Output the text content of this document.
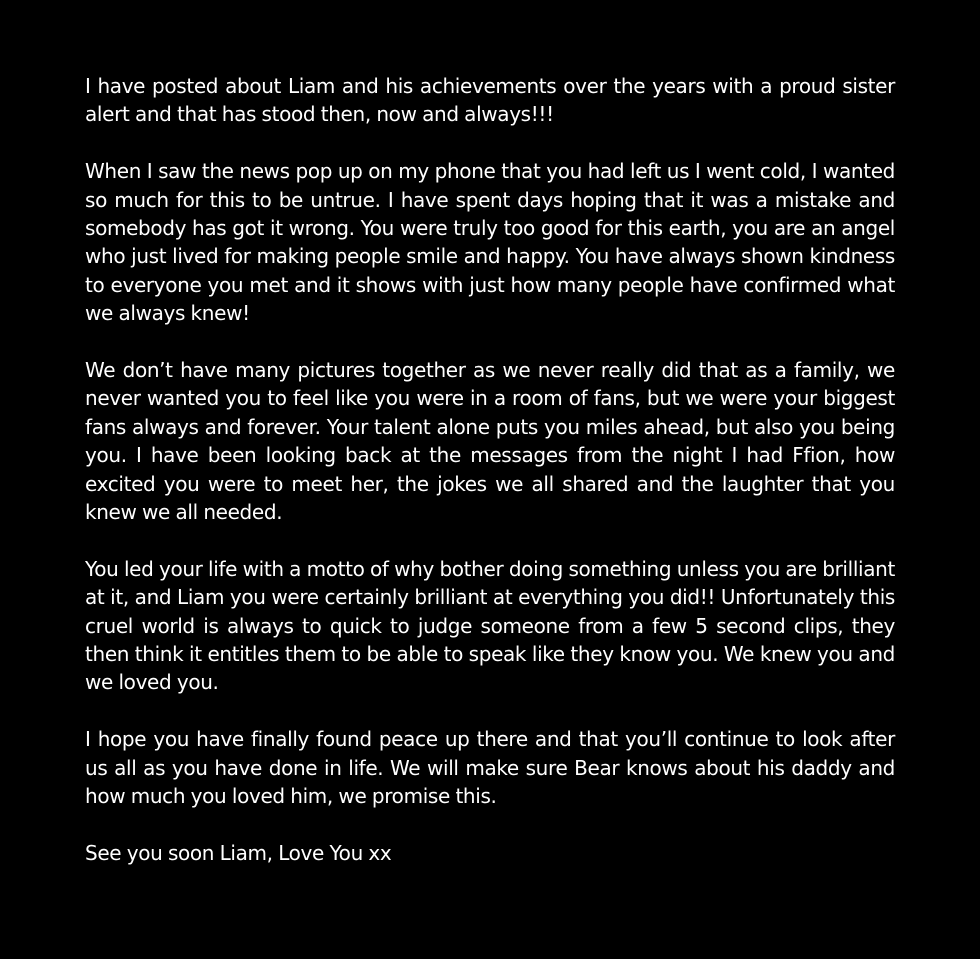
I have posted about Liam and his achievements over the years with a proud sister alert and that has stood then, now and always!!!

When I saw the news pop up on my phone that you had left us I went cold, I wanted so much for this to be untrue. I have spent days hoping that it was a mistake and somebody has got it wrong. You were truly too good for this earth, you are an angel who just lived for making people smile and happy. You have always shown kindness to everyone you met and it shows with just how many people have confirmed what we always knew!

We don’t have many pictures together as we never really did that as a family, we never wanted you to feel like you were in a room of fans, but we were your biggest fans always and forever. Your talent alone puts you miles ahead, but also you being you. I have been looking back at the messages from the night I had Ffion, how excited you were to meet her, the jokes we all shared and the laughter that you knew we all needed.

You led your life with a motto of why bother doing something unless you are brilliant at it, and Liam you were certainly brilliant at everything you did!! Unfortunately this cruel world is always to quick to judge someone from a few 5 second clips, they then think it entitles them to be able to speak like they know you. We knew you and we loved you.

I hope you have finally found peace up there and that you’ll continue to look after us all as you have done in life. We will make sure Bear knows about his daddy and how much you loved him, we promise this.

See you soon Liam, Love You xx
